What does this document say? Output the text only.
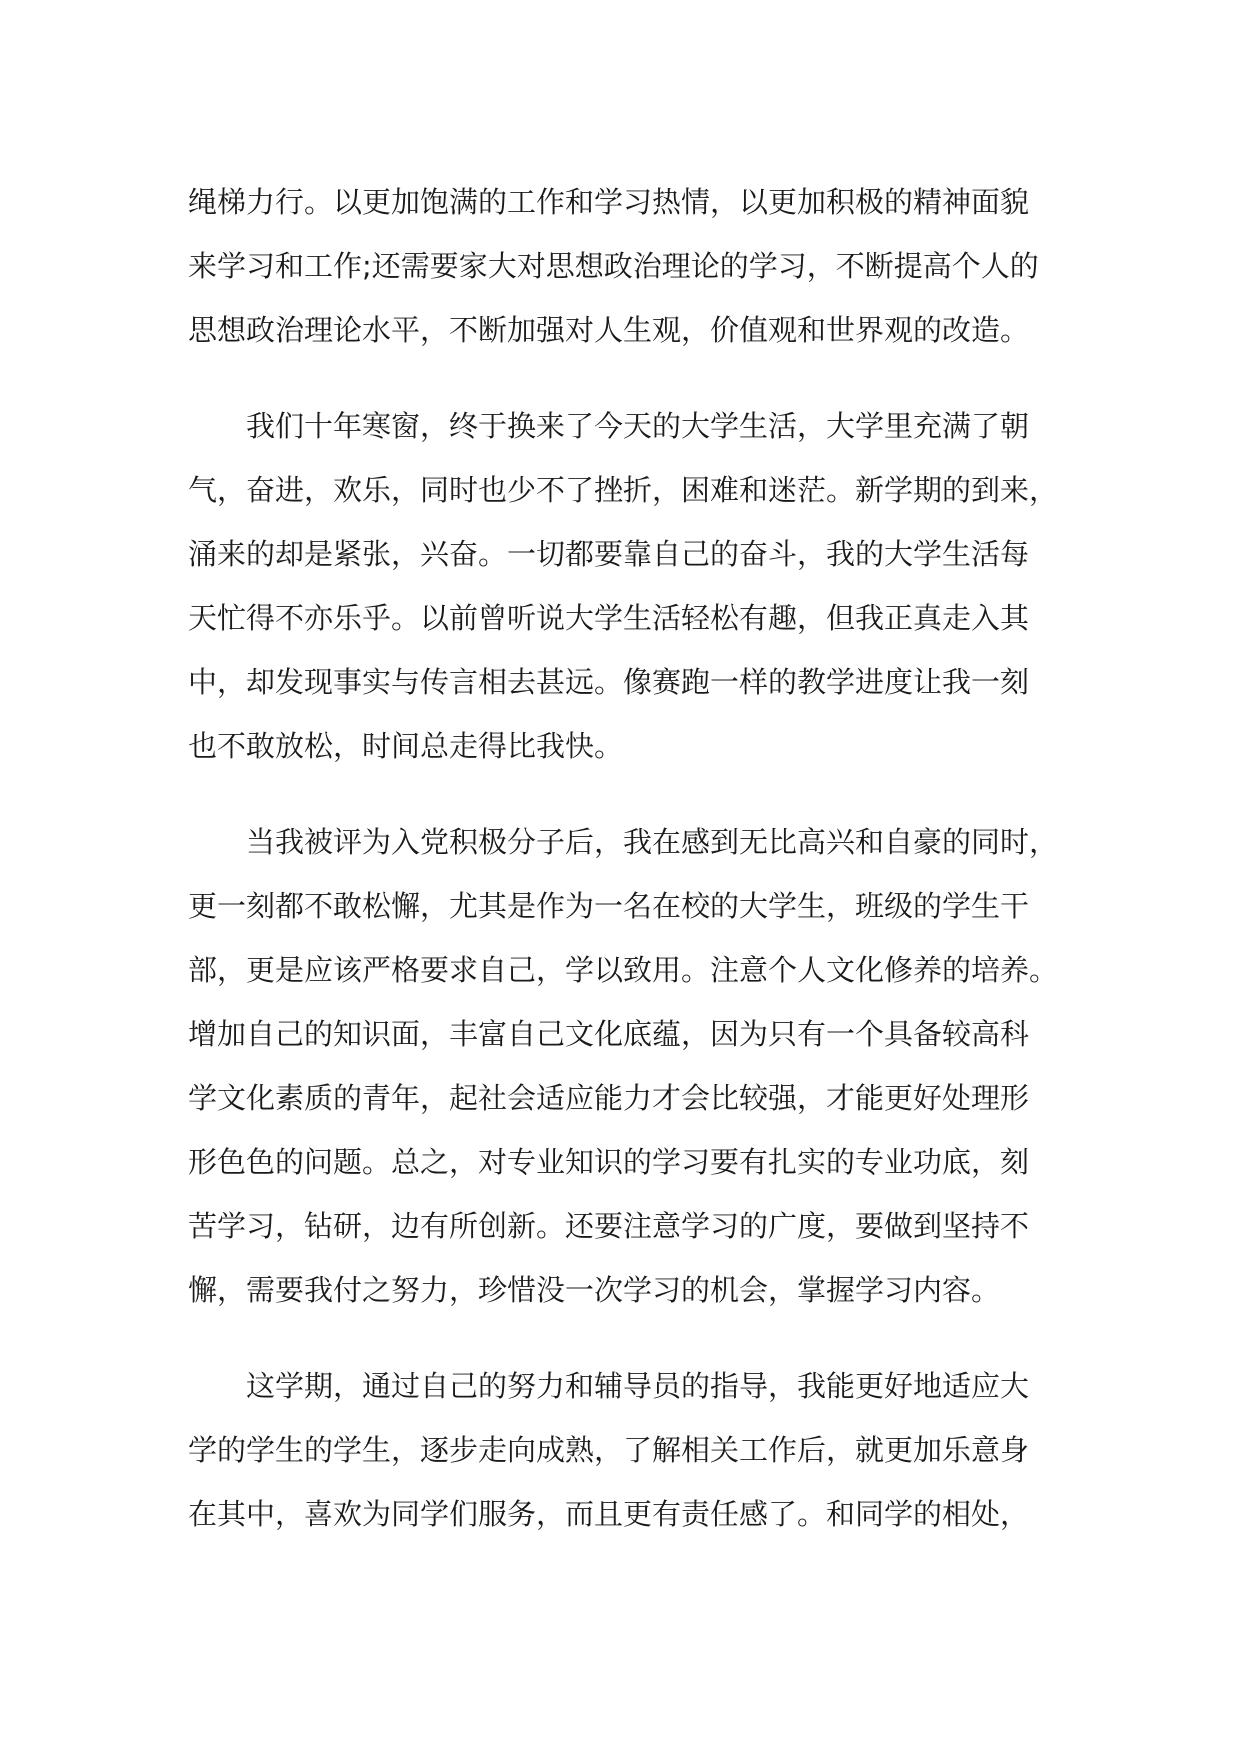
绳梯力行。以更加饱满的工作和学习热情，以更加积极的精神面貌
来学习和工作;还需要家大对思想政治理论的学习，不断提高个人的
思想政治理论水平，不断加强对人生观，价值观和世界观的改造。
　　我们十年寒窗，终于换来了今天的大学生活，大学里充满了朝
气，奋进，欢乐，同时也少不了挫折，困难和迷茫。新学期的到来，
涌来的却是紧张，兴奋。一切都要靠自己的奋斗，我的大学生活每
天忙得不亦乐乎。以前曾听说大学生活轻松有趣，但我正真走入其
中，却发现事实与传言相去甚远。像赛跑一样的教学进度让我一刻
也不敢放松，时间总走得比我快。
　　当我被评为入党积极分子后，我在感到无比高兴和自豪的同时，
更一刻都不敢松懈，尤其是作为一名在校的大学生，班级的学生干
部，更是应该严格要求自己，学以致用。注意个人文化修养的培养。
增加自己的知识面，丰富自己文化底蕴，因为只有一个具备较高科
学文化素质的青年，起社会适应能力才会比较强，才能更好处理形
形色色的问题。总之，对专业知识的学习要有扎实的专业功底，刻
苦学习，钻研，边有所创新。还要注意学习的广度，要做到坚持不
懈，需要我付之努力，珍惜没一次学习的机会，掌握学习内容。
　　这学期，通过自己的努力和辅导员的指导，我能更好地适应大
学的学生的学生，逐步走向成熟，了解相关工作后，就更加乐意身
在其中，喜欢为同学们服务，而且更有责任感了。和同学的相处，
